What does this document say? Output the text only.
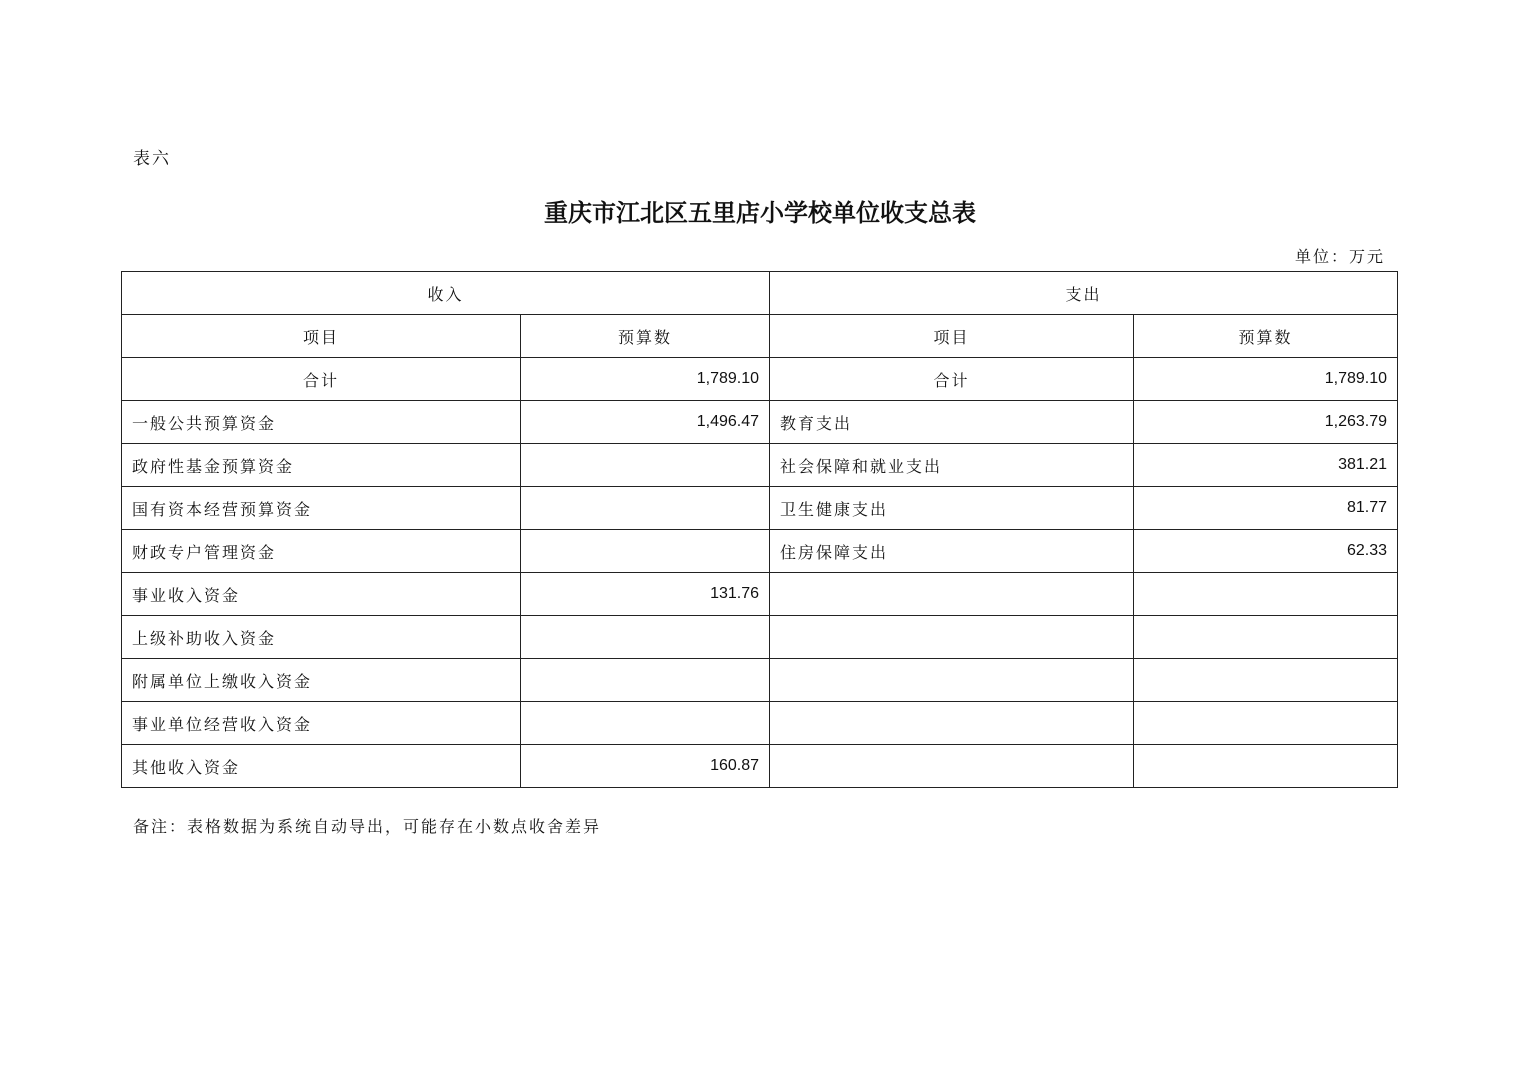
表六
重庆市江北区五里店小学校单位收支总表
单位：万元
收入		支出	
项目	预算数	项目	预算数
合计	1,789.10	合计	1,789.10
一般公共预算资金	1,496.47	教育支出	1,263.79
政府性基金预算资金		社会保障和就业支出	381.21
国有资本经营预算资金		卫生健康支出	81.77
财政专户管理资金		住房保障支出	62.33
事业收入资金	131.76		
上级补助收入资金			
附属单位上缴收入资金			
事业单位经营收入资金			
其他收入资金	160.87		
备注：表格数据为系统自动导出，可能存在小数点收舍差异
